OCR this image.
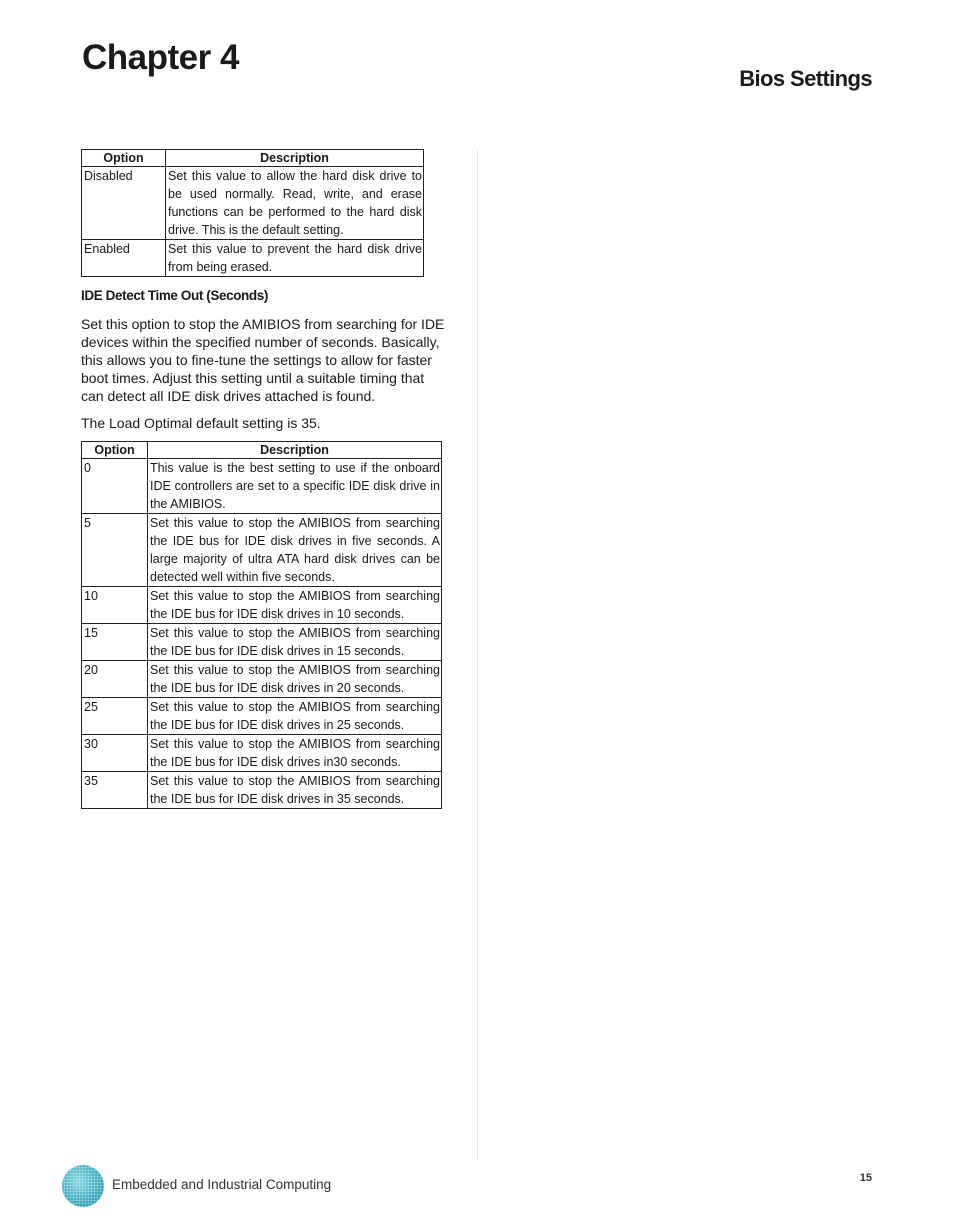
Chapter 4
Bios Settings
Option	Description
Disabled	Set this value to allow the hard disk drive to be used normally. Read, write, and erase functions can be performed to the hard disk drive. This is the default setting.
Enabled	Set this value to prevent the hard disk drive from being erased.
IDE Detect Time Out (Seconds)

Set this option to stop the AMIBIOS from searching for IDE devices within the specified number of seconds. Basically, this allows you to fine-tune the settings to allow for faster boot times. Adjust this setting until a suitable timing that can detect all IDE disk drives attached is found.

The Load Optimal default setting is 35.

Option	Description
0	This value is the best setting to use if the onboard IDE controllers are set to a specific IDE disk drive in the AMIBIOS.
5	Set this value to stop the AMIBIOS from searching the IDE bus for IDE disk drives in five seconds. A large majority of ultra ATA hard disk drives can be detected well within five seconds.
10	Set this value to stop the AMIBIOS from searching the IDE bus for IDE disk drives in 10 seconds.
15	Set this value to stop the AMIBIOS from searching the IDE bus for IDE disk drives in 15 seconds.
20	Set this value to stop the AMIBIOS from searching the IDE bus for IDE disk drives in 20 seconds.
25	Set this value to stop the AMIBIOS from searching the IDE bus for IDE disk drives in 25 seconds.
30	Set this value to stop the AMIBIOS from searching the IDE bus for IDE disk drives in30 seconds.
35	Set this value to stop the AMIBIOS from searching the IDE bus for IDE disk drives in 35 seconds.
Embedded and Industrial Computing	15
